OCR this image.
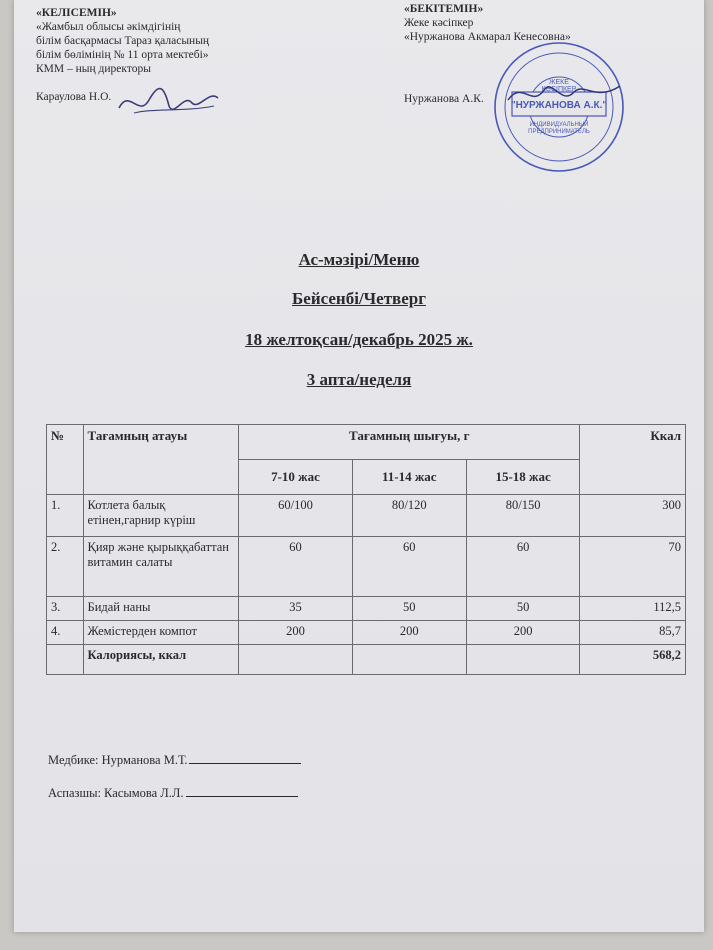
«КЕЛІСЕМІН»
«Жамбыл облысы әкімдігінің
білім басқармасы Тараз қаласының
білім бөлімінің № 11 орта мектебі»
КММ – ның директоры
Караулова Н.О.
«БЕКІТЕМІН»
Жеке кәсіпкер
«Нуржанова Акмарал Кенесовна»
Нуржанова А.К.
ЖЕКЕ
КӘСІПКЕР
"НУРЖАНОВА А.К."
ИНДИВИДУАЛЬНЫЙ
ПРЕДПРИНИМАТЕЛЬ
Ас-мәзірі/Меню
Бейсенбі/Четверг
18 желтоқсан/декабрь 2025 ж.
3 апта/неделя
№	Тағамның атауы	Тағамның шығуы, г			Ккал
		7-10 жас	11-14 жас	15-18 жас	
1.	Котлета балық етінен,гарнир күріш	60/100	80/120	80/150	300
2.	Қияр және қырыққабаттан витамин салаты	60	60	60	70
3.	Бидай наны	35	50	50	112,5
4.	Жемістерден компот	200	200	200	85,7
	Калориясы, ккал				568,2
Медбике: Нурманова М.Т.
Аспазшы: Касымова Л.Л.
